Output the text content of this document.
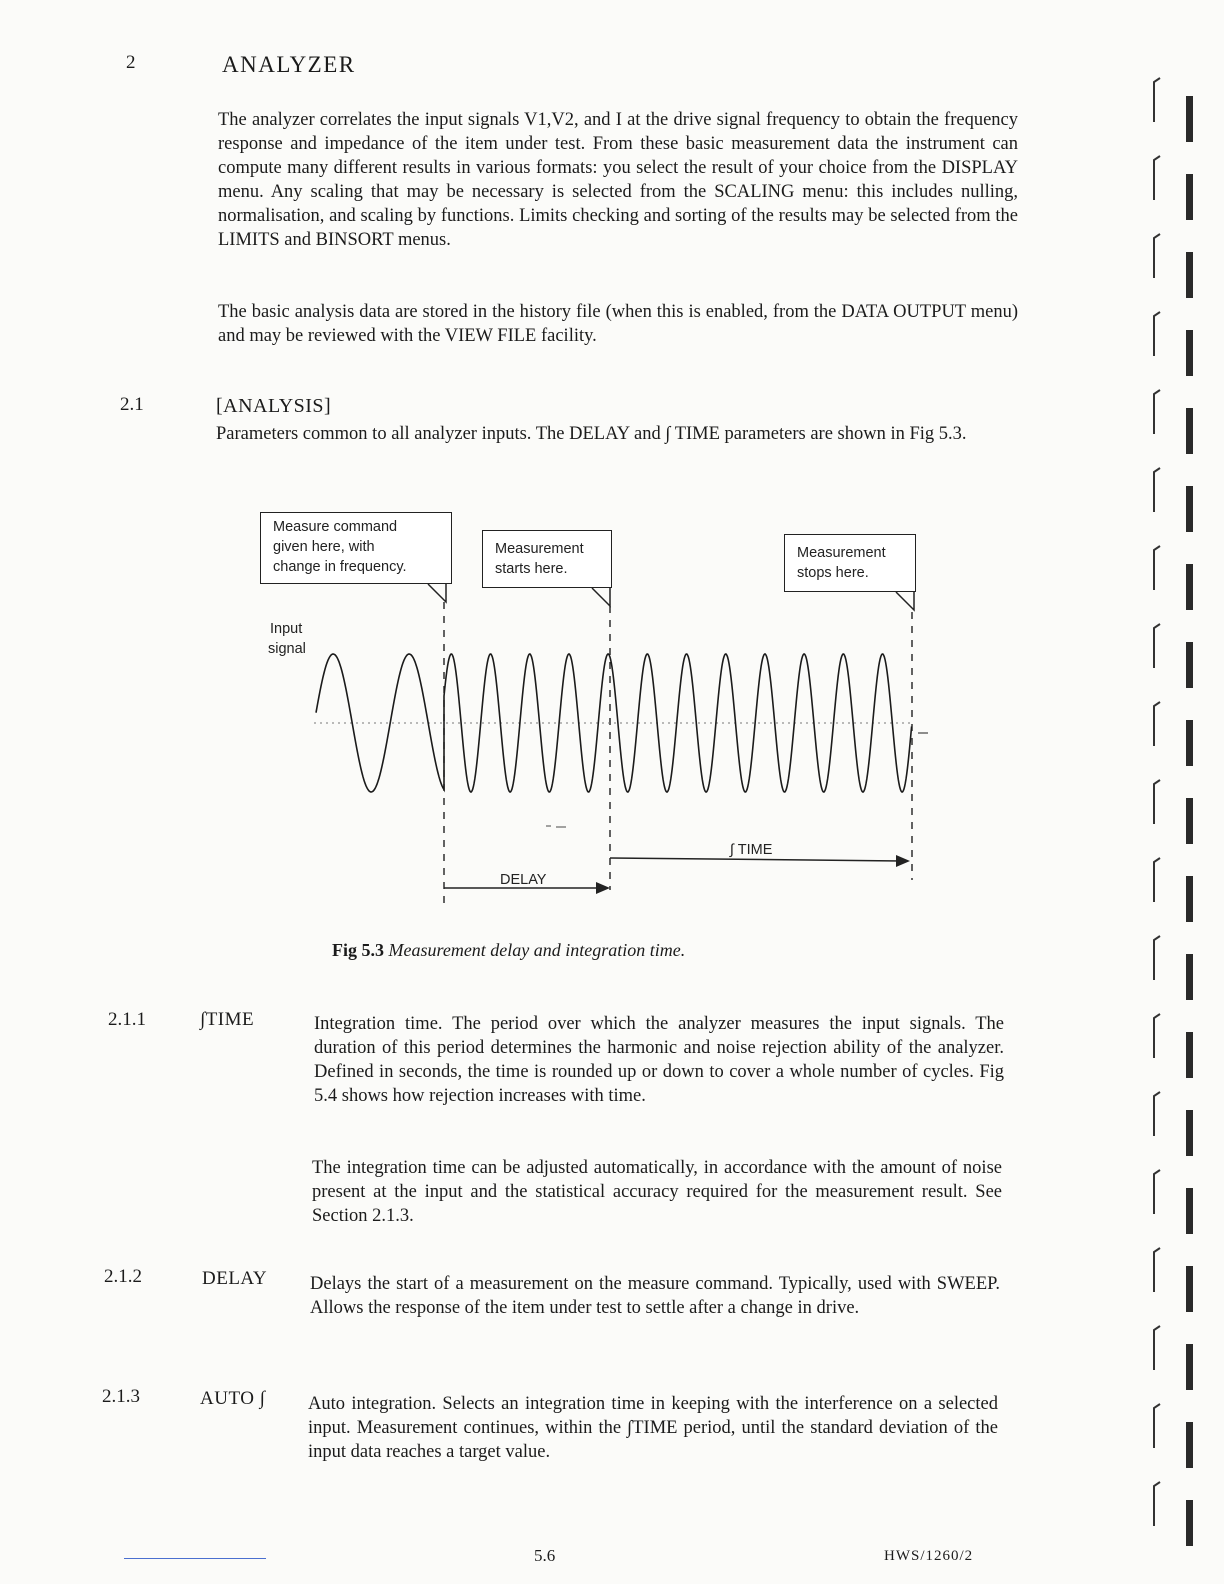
2	ANALYZER

The analyzer correlates the input signals V1,V2, and I at the drive signal frequency to obtain the frequency response and impedance of the item under test. From these basic measurement data the instrument can compute many different results in various formats: you select the result of your choice from the DISPLAY menu. Any scaling that may be necessary is selected from the SCALING menu: this includes nulling, normalisation, and scaling by functions. Limits checking and sorting of the results may be selected from the LIMITS and BINSORT menus.

The basic analysis data are stored in the history file (when this is enabled, from the DATA OUTPUT menu) and may be reviewed with the VIEW FILE facility.

2.1	[ANALYSIS]

Parameters common to all analyzer inputs. The DELAY and ∫ TIME parameters are shown in Fig 5.3.

Measure command
given here, with
change in frequency.
Measurement
starts here.
Measurement
stops here.
Input
signal
DELAY
∫ TIME
Fig 5.3 Measurement delay and integration time.
2.1.1	∫TIME	Integration time. The period over which the analyzer measures the input signals. The duration of this period determines the harmonic and noise rejection ability of the analyzer. Defined in seconds, the time is rounded up or down to cover a whole number of cycles. Fig 5.4 shows how rejection increases with time.

The integration time can be adjusted automatically, in accordance with the amount of noise present at the input and the statistical accuracy required for the measurement result. See Section 2.1.3.

2.1.2	DELAY Delays the start of a measurement on the measure command. Typically, used with SWEEP. Allows the response of the item under test to settle after a change in drive.

2.1.3	AUTO ∫ Auto integration. Selects an integration time in keeping with the interference on a selected input. Measurement continues, within the ∫TIME period, until the standard deviation of the input data reaches a target value.

5.6	HWS/1260/2
